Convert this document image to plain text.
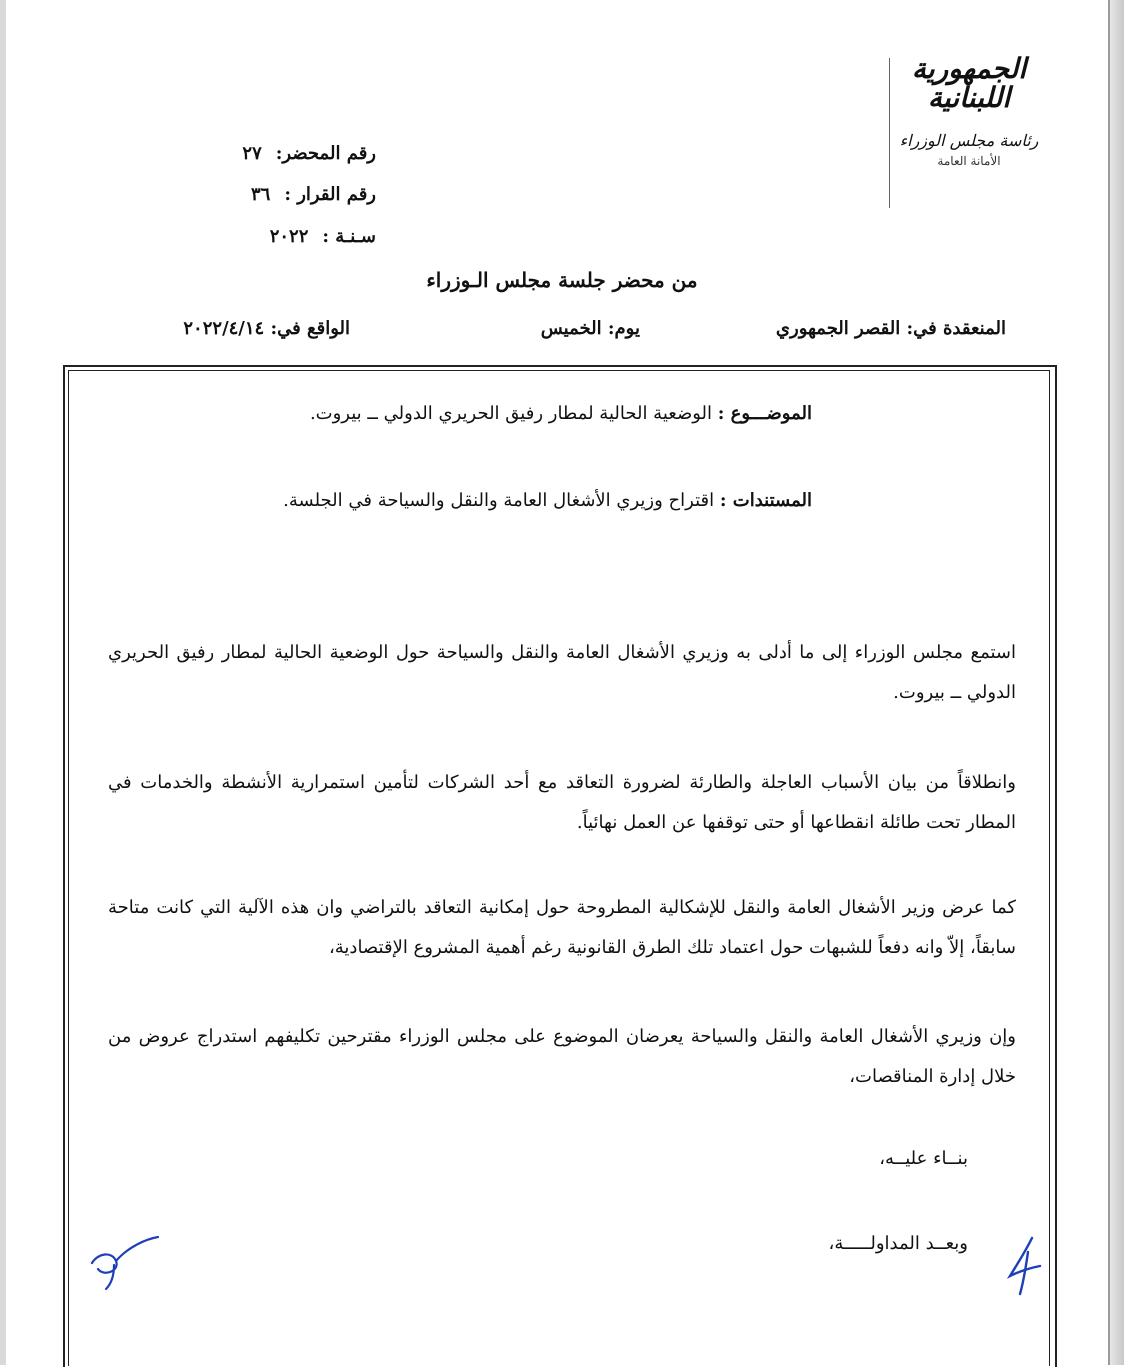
الجمهورية
اللبنانية
رئاسة مجلس الوزراء
الأمانة العامة
رقم المحضر:٢٧
رقم القرار :٣٦
سـنـة :٢٠٢٢
من محضر جلسة مجلس الـوزراء
المنعقدة في: القصر الجمهوري
يوم: الخميس
الواقع في: ٢٠٢٢/٤/١٤
الموضـــوع : الوضعية الحالية لمطار رفيق الحريري الدولي ــ بيروت.
المستندات : اقتراح وزيري الأشغال العامة والنقل والسياحة في الجلسة.
استمع مجلس الوزراء إلى ما أدلى به وزيري الأشغال العامة والنقل والسياحة حول الوضعية الحالية لمطار رفيق الحريري الدولي ــ بيروت.
وانطلاقاً من بيان الأسباب العاجلة والطارئة لضرورة التعاقد مع أحد الشركات لتأمين استمرارية الأنشطة والخدمات في المطار تحت طائلة انقطاعها أو حتى توقفها عن العمل نهائياً.
كما عرض وزير الأشغال العامة والنقل للإشكالية المطروحة حول إمكانية التعاقد بالتراضي وان هذه الآلية التي كانت متاحة سابقاً، إلاّ وانه دفعاً للشبهات حول اعتماد تلك الطرق القانونية رغم أهمية المشروع الإقتصادية،
وإن وزيري الأشغال العامة والنقل والسياحة يعرضان الموضوع على مجلس الوزراء مقترحين تكليفهم استدراج عروض من خلال إدارة المناقصات،
بنــاء عليــه،
وبعــد المداولـــــة،
